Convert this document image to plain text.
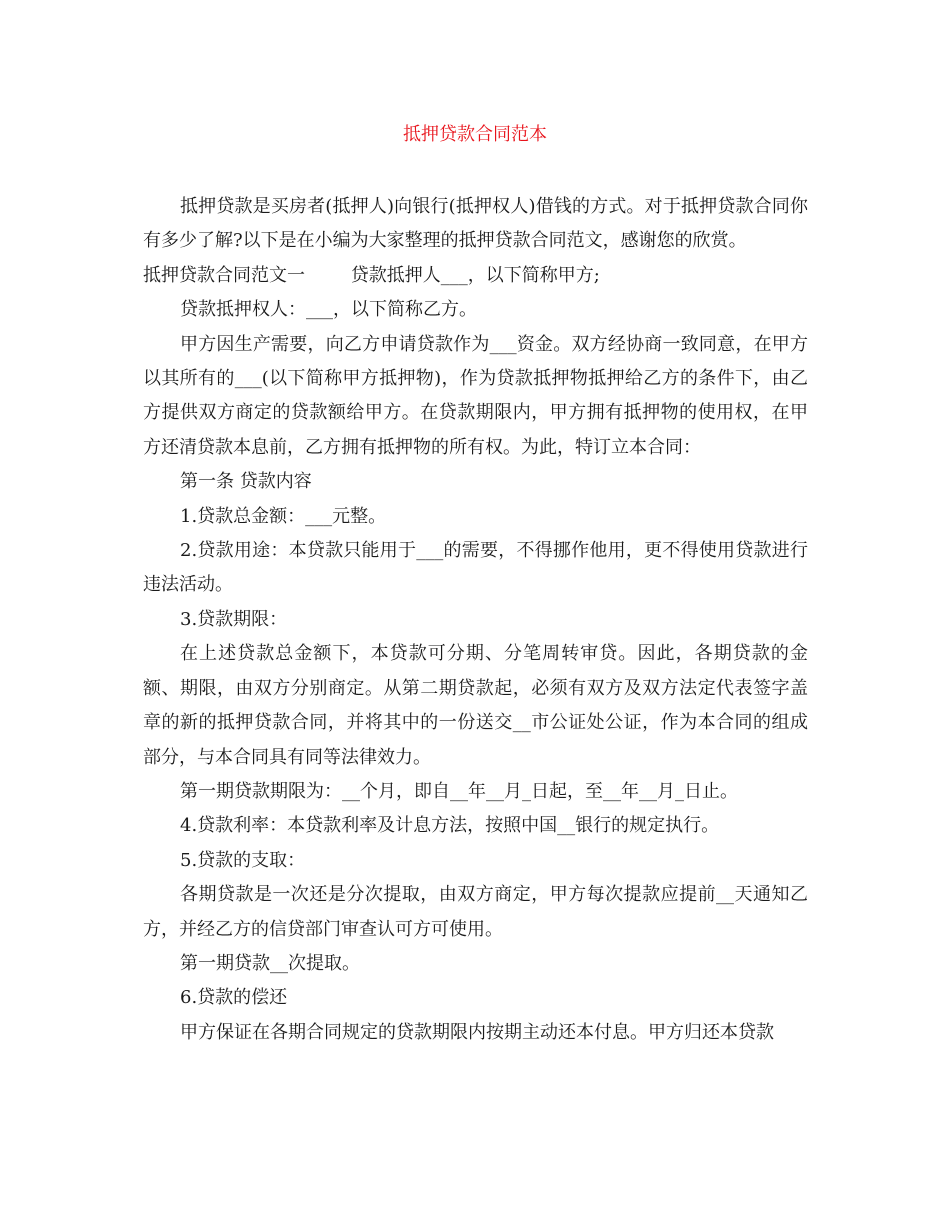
抵押贷款合同范本

抵押贷款是买房者(抵押人)向银行(抵押权人)借钱的方式。对于抵押贷款合同你有多少了解?以下是在小编为大家整理的抵押贷款合同范文，感谢您的欣赏。

抵押贷款合同范文一        贷款抵押人___，以下简称甲方;

贷款抵押权人：___，以下简称乙方。

甲方因生产需要，向乙方申请贷款作为___资金。双方经协商一致同意，在甲方以其所有的___(以下简称甲方抵押物)，作为贷款抵押物抵押给乙方的条件下，由乙方提供双方商定的贷款额给甲方。在贷款期限内，甲方拥有抵押物的使用权，在甲方还清贷款本息前，乙方拥有抵押物的所有权。为此，特订立本合同：

第一条 贷款内容

1.贷款总金额：___元整。

2.贷款用途：本贷款只能用于___的需要，不得挪作他用，更不得使用贷款进行违法活动。

3.贷款期限：

在上述贷款总金额下，本贷款可分期、分笔周转审贷。因此，各期贷款的金额、期限，由双方分别商定。从第二期贷款起，必须有双方及双方法定代表签字盖章的新的抵押贷款合同，并将其中的一份送交__市公证处公证，作为本合同的组成部分，与本合同具有同等法律效力。

第一期贷款期限为：__个月，即自__年__月_日起，至__年__月_日止。

4.贷款利率：本贷款利率及计息方法，按照中国__银行的规定执行。

5.贷款的支取：

各期贷款是一次还是分次提取，由双方商定，甲方每次提款应提前__天通知乙方，并经乙方的信贷部门审查认可方可使用。

第一期贷款__次提取。

6.贷款的偿还

甲方保证在各期合同规定的贷款期限内按期主动还本付息。甲方归还本贷款
